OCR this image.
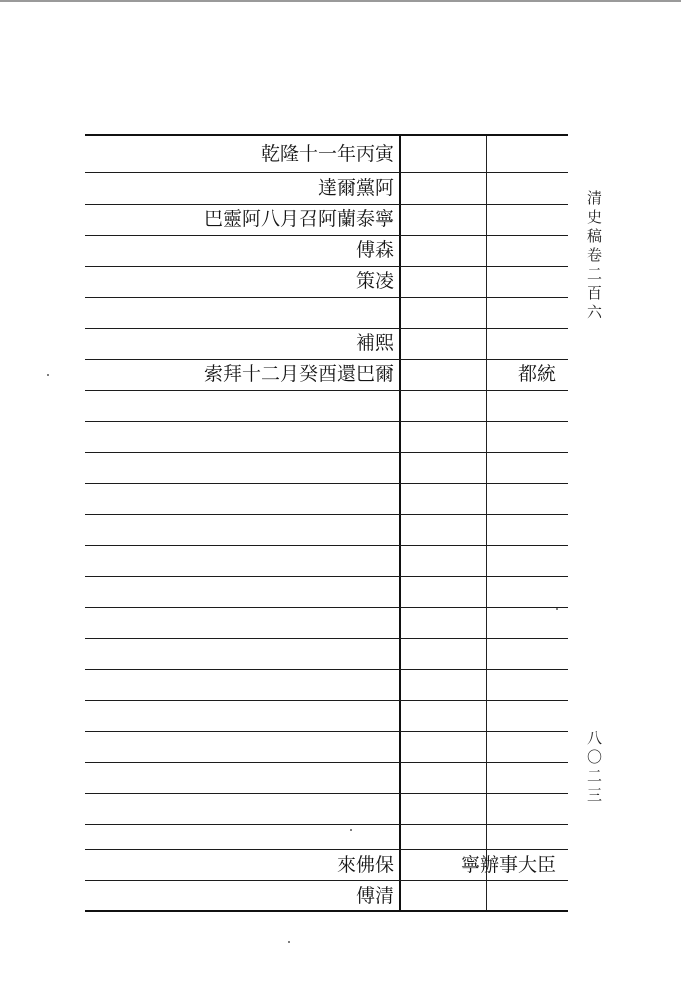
乾隆十一年丙寅
達爾黨阿
巴靈阿八月召阿蘭泰寧
傅森
策凌
補熙
索拜十二月癸酉還巴爾
來佛保
傅清
都統
寧辦事大臣
清史稿卷二百六
八〇二三
